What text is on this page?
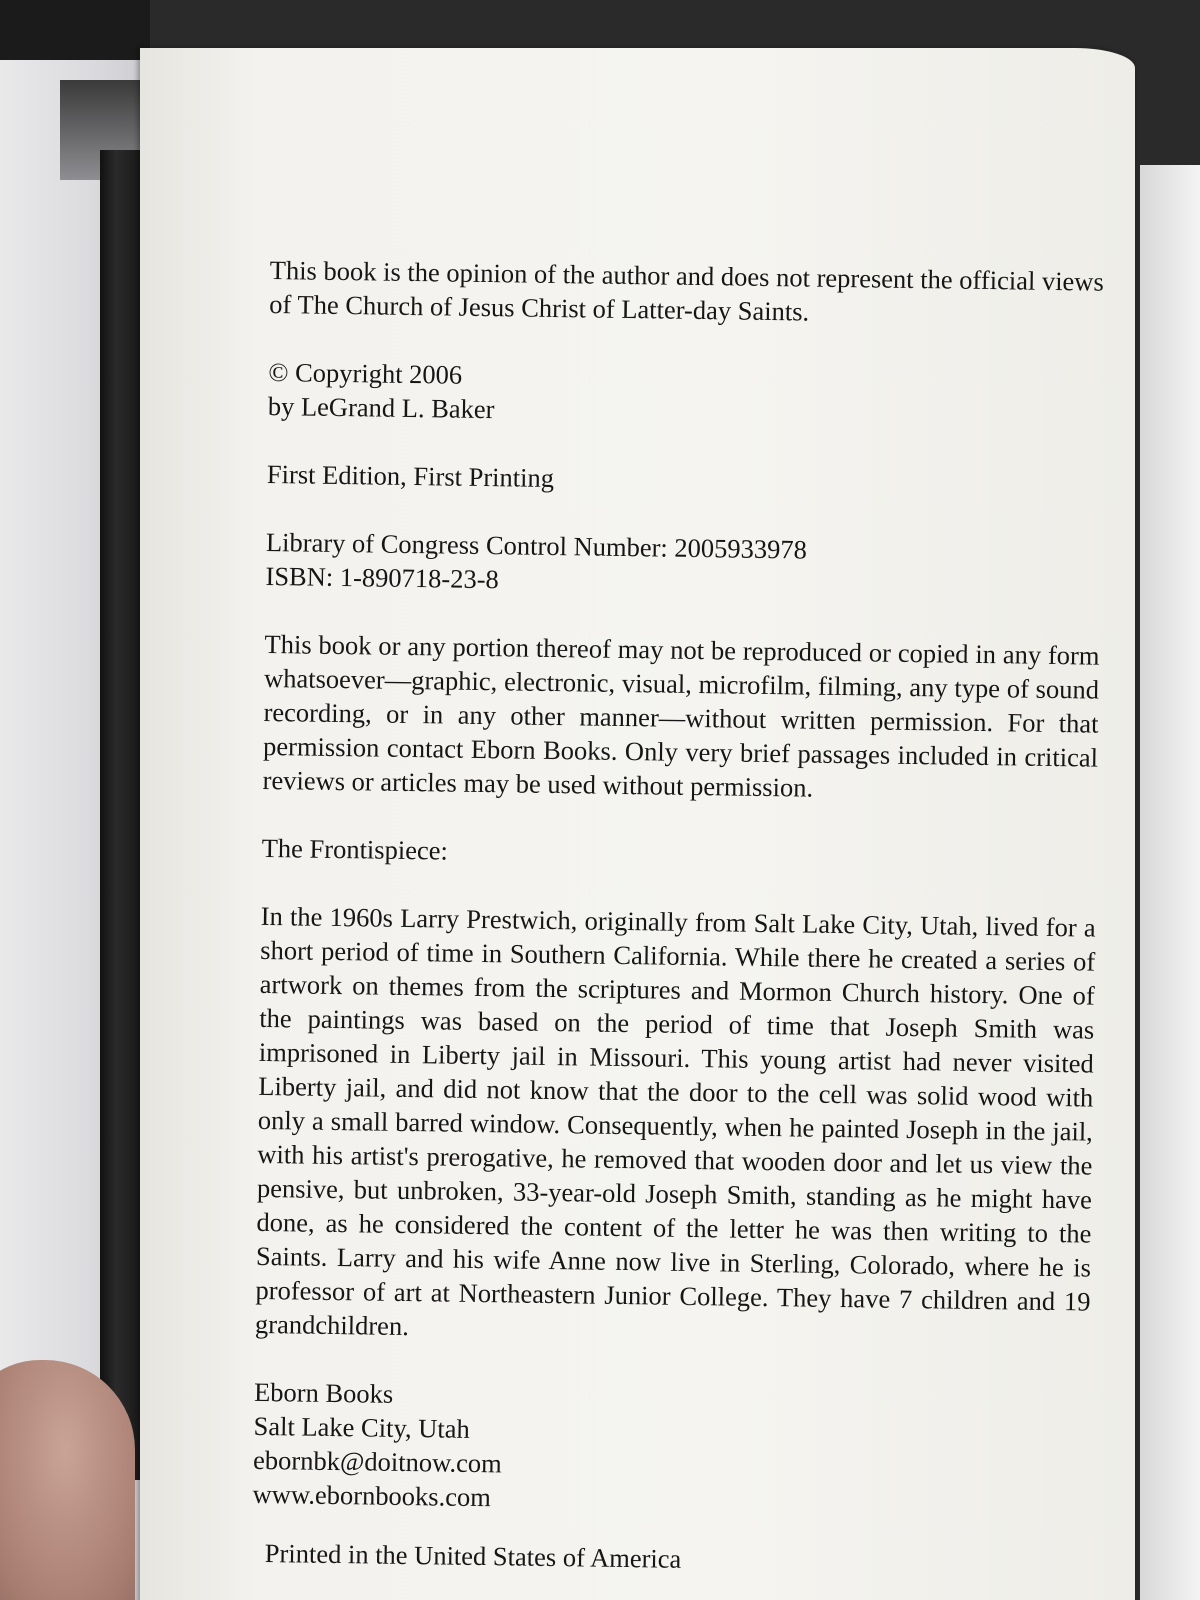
This book is the opinion of the author and does not represent the official views of The Church of Jesus Christ of Latter-day Saints.

© Copyright 2006

by LeGrand L. Baker

First Edition, First Printing

Library of Congress Control Number: 2005933978

ISBN: 1-890718-23-8

This book or any portion thereof may not be reproduced or copied in any form whatsoever—graphic, electronic, visual, microfilm, filming, any type of sound recording, or in any other manner—without written permission. For that permission contact Eborn Books. Only very brief passages included in critical reviews or articles may be used without permission.

The Frontispiece:

In the 1960s Larry Prestwich, originally from Salt Lake City, Utah, lived for a short period of time in Southern California. While there he created a series of artwork on themes from the scriptures and Mormon Church history. One of the paintings was based on the period of time that Joseph Smith was imprisoned in Liberty jail in Missouri. This young artist had never visited Liberty jail, and did not know that the door to the cell was solid wood with only a small barred window. Consequently, when he painted Joseph in the jail, with his artist's prerogative, he removed that wooden door and let us view the pensive, but unbroken, 33-year-old Joseph Smith, standing as he might have done, as he considered the content of the letter he was then writing to the Saints. Larry and his wife Anne now live in Sterling, Colorado, where he is professor of art at Northeastern Junior College. They have 7 children and 19 grandchildren.

Eborn Books

Salt Lake City, Utah

ebornbk@doitnow.com

www.ebornbooks.com

Printed in the United States of America
